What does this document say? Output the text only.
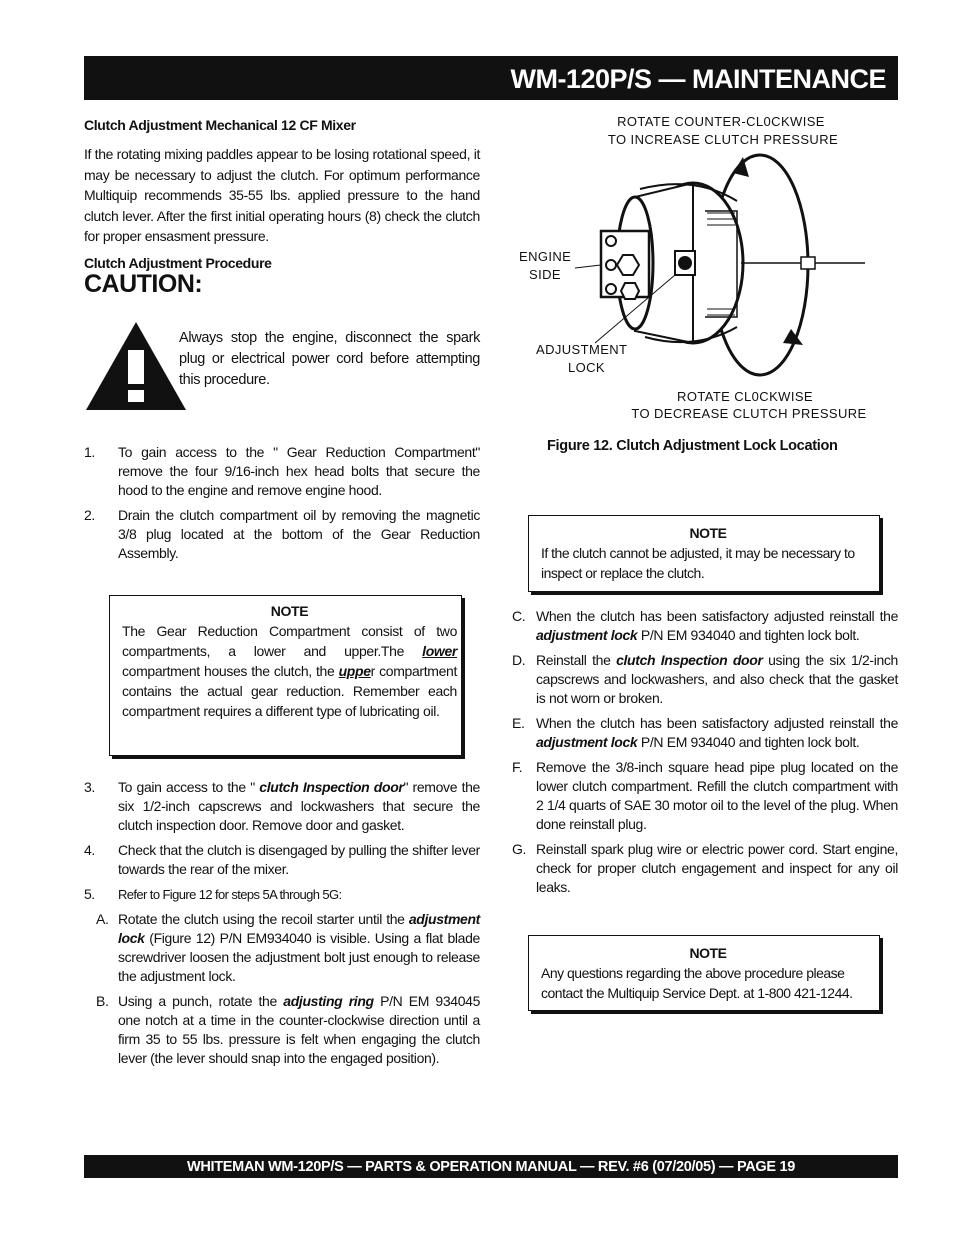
WM-120P/S — MAINTENANCE

Clutch Adjustment Mechanical 12 CF Mixer

If the rotating mixing paddles appear to be losing rotational speed, it may be necessary to adjust the clutch. For optimum performance Multiquip recommends 35-55 lbs. applied pressure to the hand clutch lever. After the first initial operating hours (8) check the clutch for proper ensasment pressure.

Clutch Adjustment Procedure

CAUTION:

Always stop the engine, disconnect the spark plug or electrical power cord before attempting this procedure.

1. To gain access to the " Gear Reduction Compartment" remove the four 9/16-inch hex head bolts that secure the hood to the engine and remove engine hood.
2. Drain the clutch compartment oil by removing the magnetic 3/8 plug located at the bottom of the Gear Reduction Assembly.
NOTE
The Gear Reduction Compartment consist of two compartments, a lower and upper.The lower compartment houses the clutch, the upper compartment contains the actual gear reduction. Remember each compartment requires a different type of lubricating oil.
3. To gain access to the " clutch Inspection door" remove the six 1/2-inch capscrews and lockwashers that secure the clutch inspection door. Remove door and gasket.
4. Check that the clutch is disengaged by pulling the shifter lever towards the rear of the mixer.
5. Refer to Figure 12 for steps 5A through 5G:
A. Rotate the clutch using the recoil starter until the adjustment lock (Figure 12) P/N EM934040 is visible. Using a flat blade screwdriver loosen the adjustment bolt just enough to release the adjustment lock.
B. Using a punch, rotate the adjusting ring P/N EM 934045 one notch at a time in the counter-clockwise direction until a firm 35 to 55 lbs. pressure is felt when engaging the clutch lever (the lever should snap into the engaged position).
ROTATE COUNTER-CL0CKWISE
TO INCREASE CLUTCH PRESSURE
ENGINE
SIDE
ADJUSTMENT
LOCK
ROTATE CL0CKWISE
TO DECREASE CLUTCH PRESSURE
Figure 12. Clutch Adjustment Lock Location
NOTE
If the clutch cannot be adjusted, it may be necessary to inspect or replace the clutch.
C. When the clutch has been satisfactory adjusted reinstall the adjustment lock P/N EM 934040 and tighten lock bolt.
D. Reinstall the clutch Inspection door using the six 1/2-inch capscrews and lockwashers, and also check that the gasket is not worn or broken.
E. When the clutch has been satisfactory adjusted reinstall the adjustment lock P/N EM 934040 and tighten lock bolt.
F. Remove the 3/8-inch square head pipe plug located on the lower clutch compartment. Refill the clutch compartment with 2 1/4 quarts of SAE 30 motor oil to the level of the plug. When done reinstall plug.
G. Reinstall spark plug wire or electric power cord. Start engine, check for proper clutch engagement and inspect for any oil leaks.
NOTE
Any questions regarding the above procedure please contact the Multiquip Service Dept. at 1-800 421-1244.
WHITEMAN WM-120P/S — PARTS & OPERATION MANUAL — REV. #6 (07/20/05) — PAGE 19
